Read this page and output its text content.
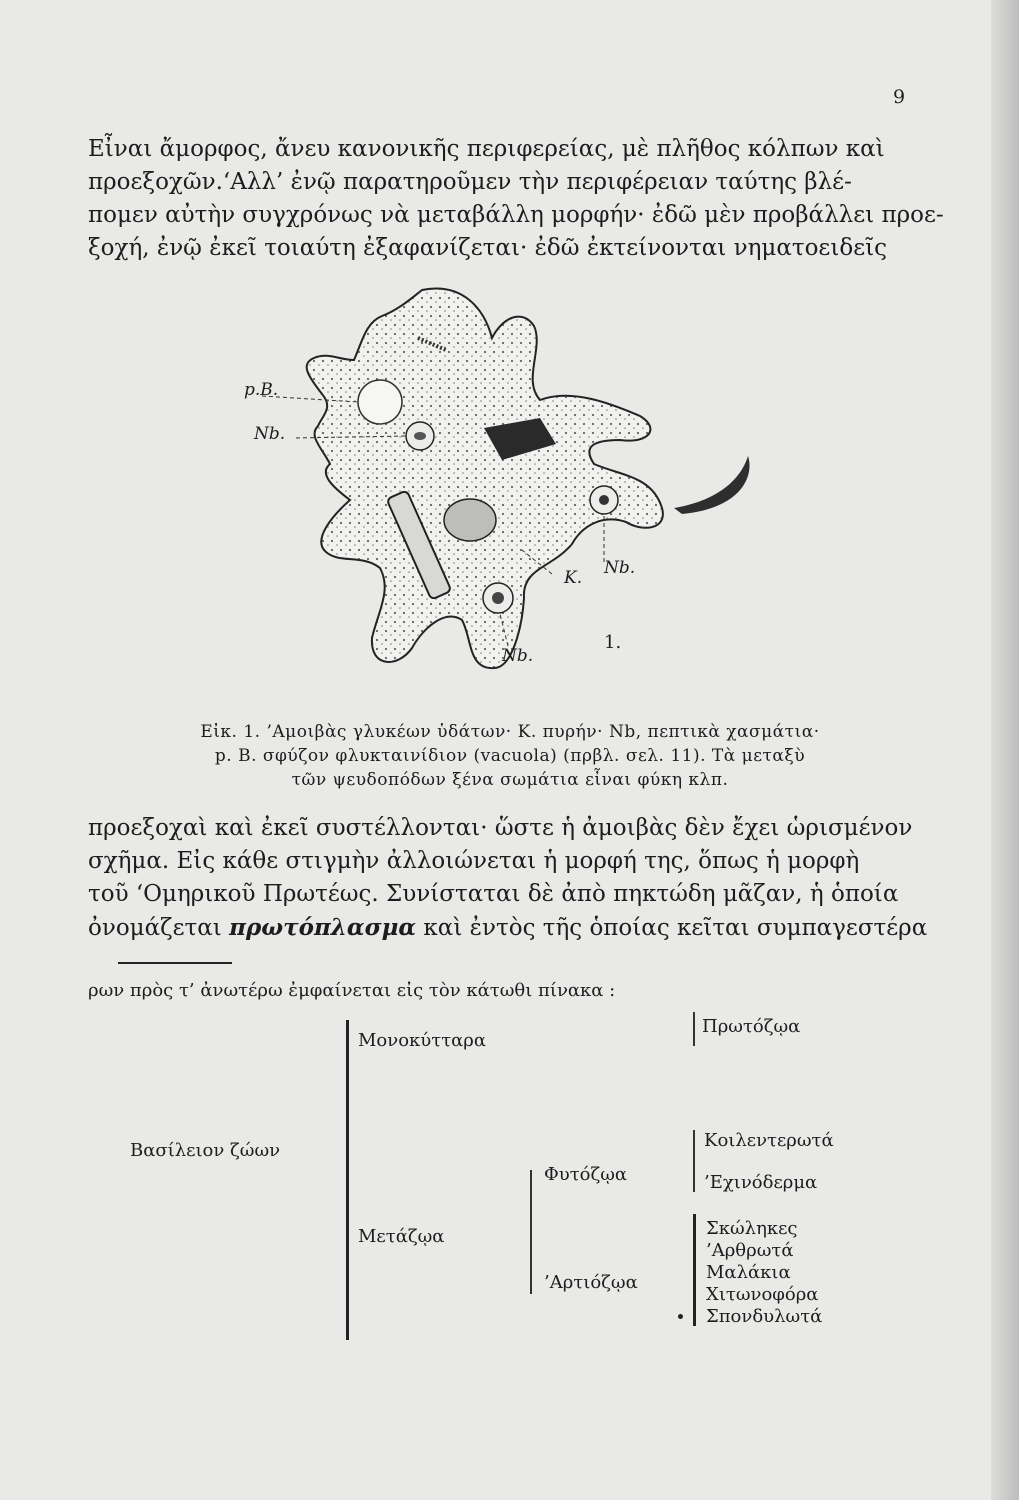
9

Εἶναι ἄμορφος, ἄνευ κανονικῆς περιφερείας, μὲ πλῆθος κόλπων καὶ
προεξοχῶν.‘Αλλ’ ἐνῷ παρατηροῦμεν τὴν περιφέρειαν ταύτης βλέ-
πομεν αὐτὴν συγχρόνως νὰ μεταβάλλη μορφήν· ἐδῶ μὲν προβάλλει προε-
ξοχή, ἐνῷ ἐκεῖ τοιαύτη ἐξαφανίζεται· ἐδῶ ἐκτείνονται νηματοειδεῖς

p.B.
Nb.
K. Nb.
Nb.
1.
Εἰκ. 1. ’Αμοιβὰς γλυκέων ὑδάτων· Κ. πυρήν· Nb, πεπτικὰ χασμάτια·
p. B. σφύζον φλυκταινίδιον (vacuola) (πρβλ. σελ. 11). Τὰ μεταξὺ
τῶν ψευδοπόδων ξένα σωμάτια εἶναι φύκη κλπ.

προεξοχαὶ καὶ ἐκεῖ συστέλλονται· ὥστε ἡ ἀμοιβὰς δὲν ἔχει ὡρισμένον
σχῆμα. Εἰς κάθε στιγμὴν ἀλλοιώνεται ἡ μορφή της, ὅπως ἡ μορφὴ
τοῦ ‘Ομηρικοῦ Πρωτέως. Συνίσταται δὲ ἀπὸ πηκτώδη μᾶζαν, ἡ ὁποία
ὀνομάζεται πρωτόπλασμα καὶ ἐντὸς τῆς ὁποίας κεῖται συμπαγεστέρα

ρων πρὸς τ’ ἀνωτέρω ἐμφαίνεται εἰς τὸν κάτωθι πίνακα :
Βασίλειον ζώων
Μονοκύτταρα
Πρωτόζῳα
Μετάζῳα
Φυτόζῳα
Κοιλεντερωτά
’Εχινόδερμα
’Αρτιόζῳα
Σκώληκες
’Αρθρωτά
Μαλάκια
Χιτωνοφόρα
Σπονδυλωτά
